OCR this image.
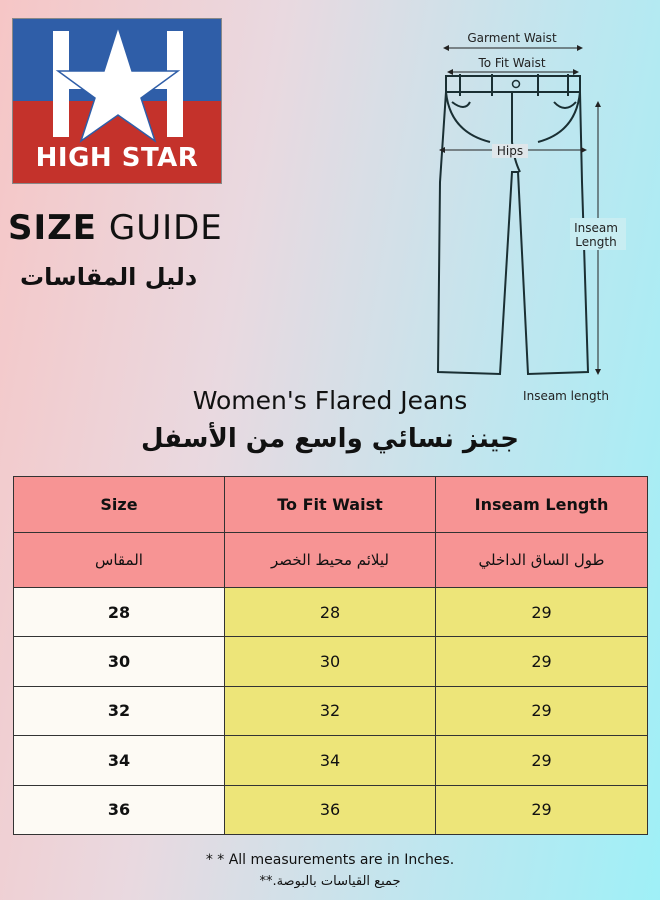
HIGH STAR
SIZE GUIDE
دليل المقاسات
Garment Waist
To Fit Waist
Hips
Inseam
Length
Inseam length
Women's Flared Jeans
جينز نسائي واسع من الأسفل
Size	To Fit Waist	Inseam Length
المقاس	ليلائم محيط الخصر	طول الساق الداخلي
28	28	29
30	30	29
32	32	29
34	34	29
36	36	29
* * All measurements are in Inches.
جميع القياسات بالبوصة.**
